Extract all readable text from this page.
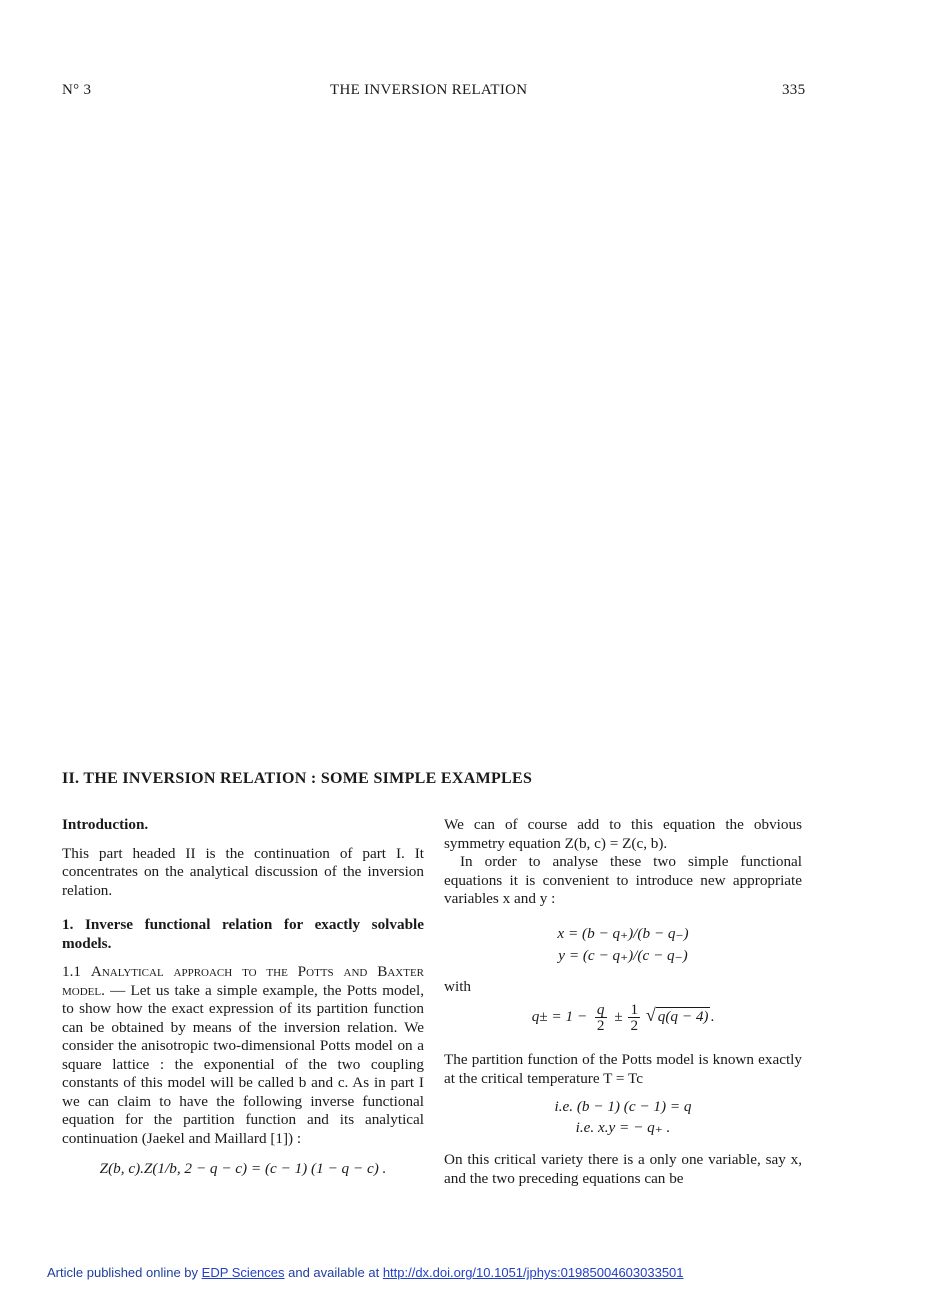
N° 3	THE INVERSION RELATION	335
II. THE INVERSION RELATION : SOME SIMPLE EXAMPLES
Introduction.

This part headed II is the continuation of part I. It concentrates on the analytical discussion of the inversion relation.

1. Inverse functional relation for exactly solvable models.

1.1 Analytical approach to the Potts and Baxter model. — Let us take a simple example, the Potts model, to show how the exact expression of its partition function can be obtained by means of the inversion relation. We consider the anisotropic two-dimensional Potts model on a square lattice : the exponential of the two coupling constants of this model will be called b and c. As in part I we can claim to have the following inverse functional equation for the partition function and its analytical continuation (Jaekel and Maillard [1]) :

Z(b, c).Z(1/b, 2 − q − c) = (c − 1) (1 − q − c) .

We can of course add to this equation the obvious symmetry equation Z(b, c) = Z(c, b).

In order to analyse these two simple functional equations it is convenient to introduce new appropriate variables x and y :

x = (b − q₊)/(b − q₋)
y = (c − q₊)/(c − q₋)
with
$q\pm = 1 - \frac{q}{2} \pm \frac{1}{2}$ √ q(q − 4) .

The partition function of the Potts model is known exactly at the critical temperature T = Tc

i.e. (b − 1) (c − 1) = q
i.e. x.y = − q₊ .

On this critical variety there is a only one variable, say x, and the two preceding equations can be

Article published online by EDP Sciences and available at http://dx.doi.org/10.1051/jphys:01985004603033501
